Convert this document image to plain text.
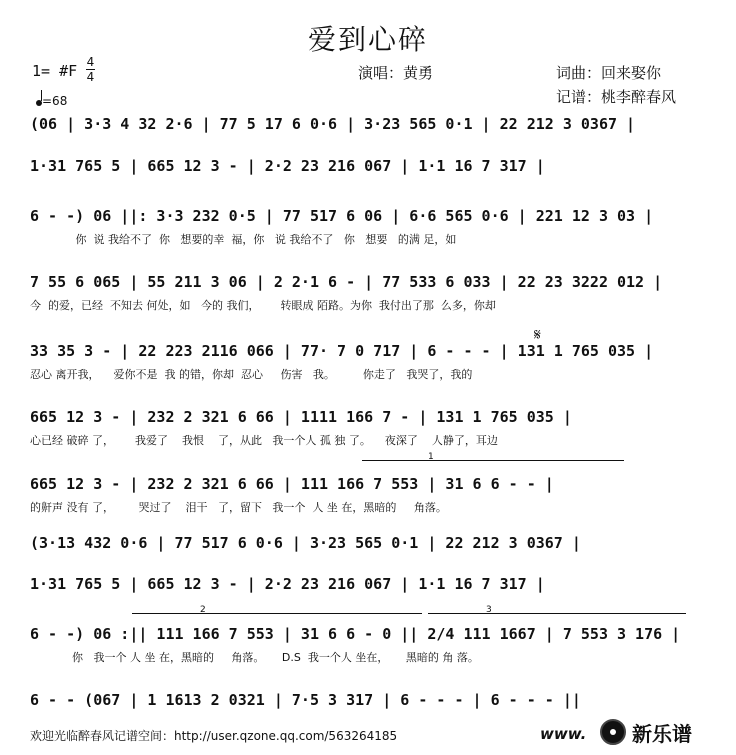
爱到心碎
1= #F 4
4
=68
演唱：黄勇	词曲：回来娶你
记谱：桃李醉春风
(06 | 3·3 4 32 2·6 | 77 5 17 6 0·6 | 3·23 565 0·1 | 22 212 3 0367 |
1·31 765 5 | 665 12 3 - | 2·2 23 216 067 | 1·1 16 7 317 |
6 - -) 06 ||: 3·3 232 0·5 | 77 517 6 06 | 6·6 565 0·6 | 221 12 3 03 |
你  说 我给不了  你   想要的幸  福，你   说 我给不了   你   想要   的满 足，如
7 55 6 065 | 55 211 3 06 | 2 2·1 6 - | 77 533 6 033 | 22 23 3222 012 |
今  的爱，已经  不知去 何处，如   今的 我们，      转眼成 陌路。为你  我付出了那  么多，你却
𝄋
33 35 3 - | 22 223 2116 066 | 77· 7 0 717 | 6 - - - | 131 1 765 035 |
忍心 离开我，    爱你不是  我 的错，你却  忍心     伤害   我。        你走了   我哭了，我的
665 12 3 - | 232 2 321 6 66 | 1111 166 7 - | 131 1 765 035 |
心已经 破碎 了，      我爱了    我恨    了，从此   我一个人 孤 独 了。    夜深了    人静了，耳边
1
665 12 3 - | 232 2 321 6 66 | 111 166 7 553 | 31 6 6 - - |
的鼾声 没有 了，       哭过了    泪干   了，留下   我一个  人 坐 在，黑暗的     角落。
(3·13 432 0·6 | 77 517 6 0·6 | 3·23 565 0·1 | 22 212 3 0367 |
1·31 765 5 | 665 12 3 - | 2·2 23 216 067 | 1·1 16 7 317 |
2	3
6 - -) 06 :|| 111 166 7 553 | 31 6 6 - 0 || 2/4 111 1667 | 7 553 3 176 |
你   我一个 人 坐 在，黑暗的     角落。     D.S  我一个人 坐在，     黑暗的 角 落。
6 - - (067 | 1 1613 2 0321 | 7·5 3 317 | 6 - - - | 6 - - - ||
欢迎光临醉春风记谱空间：http://user.qzone.qq.com/563264185	www. 新乐谱
